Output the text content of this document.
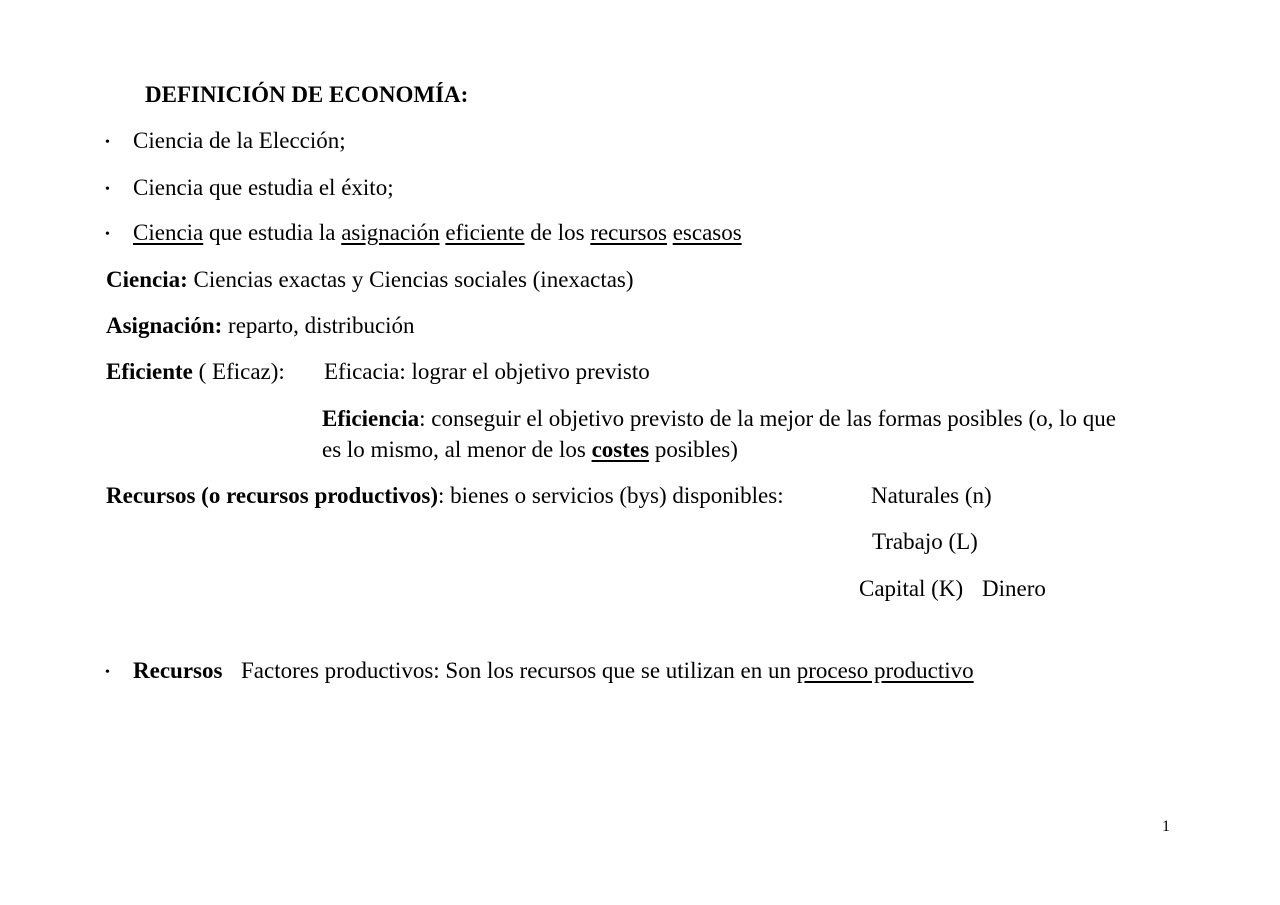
DEFINICIÓN DE ECONOMÍA:
• Ciencia de la Elección;
• Ciencia que estudia el éxito;
• Ciencia que estudia la asignación eficiente de los recursos escasos
Ciencia: Ciencias exactas y Ciencias sociales (inexactas)
Asignación: reparto, distribución
Eficiente ( Eficaz): Eficacia: lograr el objetivo previsto
Eficiencia: conseguir el objetivo previsto de la mejor de las formas posibles (o, lo que
es lo mismo, al menor de los costes posibles)
Recursos (o recursos productivos): bienes o servicios (bys) disponibles:	Naturales (n)
Trabajo (L)
Capital (K) Dinero
• Recursos Factores productivos: Son los recursos que se utilizan en un proceso productivo
1
